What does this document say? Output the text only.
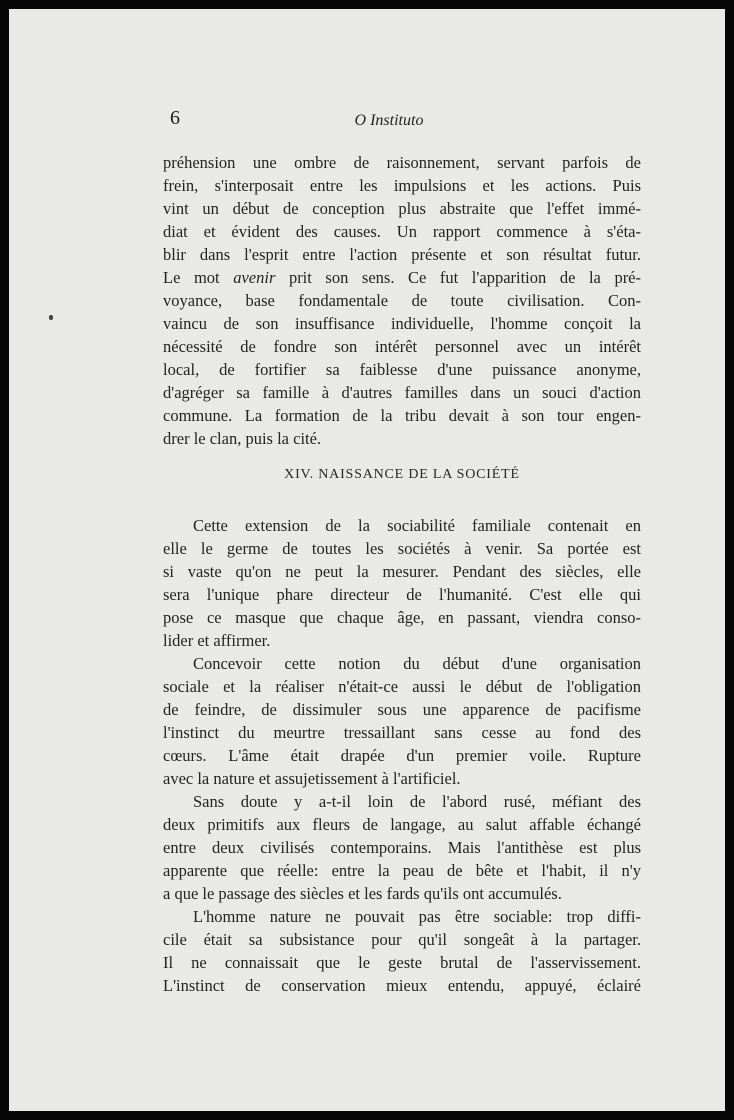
6	O Instituto
préhension une ombre de raisonnement, servant parfois de
frein, s'interposait entre les impulsions et les actions. Puis
vint un début de conception plus abstraite que l'effet immé-
diat et évident des causes. Un rapport commence à s'éta-
blir dans l'esprit entre l'action présente et son résultat futur.
Le mot avenir prit son sens. Ce fut l'apparition de la pré-
voyance, base fondamentale de toute civilisation. Con-
vaincu de son insuffisance individuelle, l'homme conçoit la
nécessité de fondre son intérêt personnel avec un intérêt
local, de fortifier sa faiblesse d'une puissance anonyme,
d'agréger sa famille à d'autres familles dans un souci d'action
commune. La formation de la tribu devait à son tour engen-
drer le clan, puis la cité.
XIV. NAISSANCE DE LA SOCIÉTÉ
Cette extension de la sociabilité familiale contenait en
elle le germe de toutes les sociétés à venir. Sa portée est
si vaste qu'on ne peut la mesurer. Pendant des siècles, elle
sera l'unique phare directeur de l'humanité. C'est elle qui
pose ce masque que chaque âge, en passant, viendra conso-
lider et affirmer.
Concevoir cette notion du début d'une organisation
sociale et la réaliser n'était-ce aussi le début de l'obligation
de feindre, de dissimuler sous une apparence de pacifisme
l'instinct du meurtre tressaillant sans cesse au fond des
cœurs. L'âme était drapée d'un premier voile. Rupture
avec la nature et assujetissement à l'artificiel.
Sans doute y a-t-il loin de l'abord rusé, méfiant des
deux primitifs aux fleurs de langage, au salut affable échangé
entre deux civilisés contemporains. Mais l'antithèse est plus
apparente que réelle: entre la peau de bête et l'habit, il n'y
a que le passage des siècles et les fards qu'ils ont accumulés.
L'homme nature ne pouvait pas être sociable: trop diffi-
cile était sa subsistance pour qu'il songeât à la partager.
Il ne connaissait que le geste brutal de l'asservissement.
L'instinct de conservation mieux entendu, appuyé, éclairé
